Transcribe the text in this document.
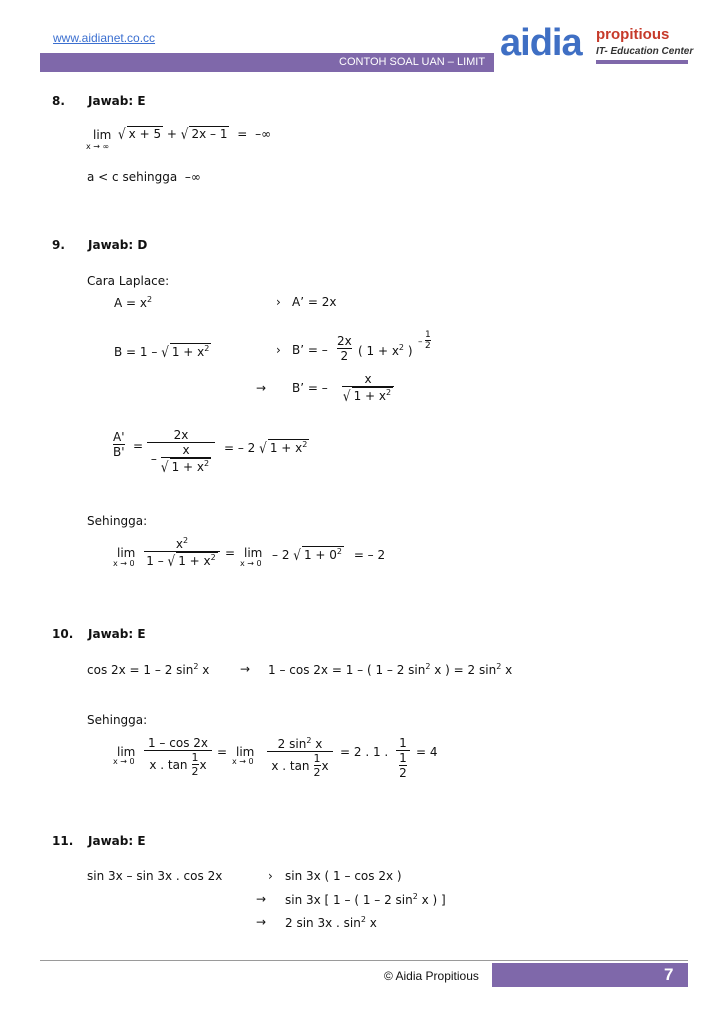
www.aidianet.co.cc
CONTOH SOAL UAN – LIMIT aidia propitious
IT- Education Center
8. Jawab: E
lim
x → ∞
√ x + 5 + √ 2x – 1 = –∞
a < c sehingga –∞
9. Jawab: D
Cara Laplace:
$A = x^2$	› A’ = 2x
B = 1 – √ $1 + x^2$	› B’ = –
2x
2 ( $1 + x^2$ )
–
1
2
→ B’ = –
x
√ $1 + x^2$
A'
B' =
2x
–
x
√ $1 + x^2$
= – 2 √ $1 + x^2$
Sehingga:
lim
x → 0
$x^2$
1 – √ $1 + x^2 = \lim$
x → 0
– 2 √ $1 + 0^2$ = – 2
10. Jawab: E
cos 2x = 1 – 2 $\sin^2 x$	→ 1 – cos 2x = 1 – ( 1 – 2 $\sin^2 x$ ) = 2 $\sin^2 x$
Sehingga:
lim
x → 0
1 – cos 2x
x . tan 1
2 x
= lim
x → 0
2 $\sin^2 x$
x . tan 1
2 x
= 2 . 1 .
1
1
2
= 4
11. Jawab: E
sin 3x – sin 3x . cos 2x	› sin 3x ( 1 – cos 2x )
→ sin 3x [ 1 – ( 1 – 2 $\sin^2 x$ ) ]
→ 2 sin 3x . $\sin^2 x$
© Aidia Propitious	7
